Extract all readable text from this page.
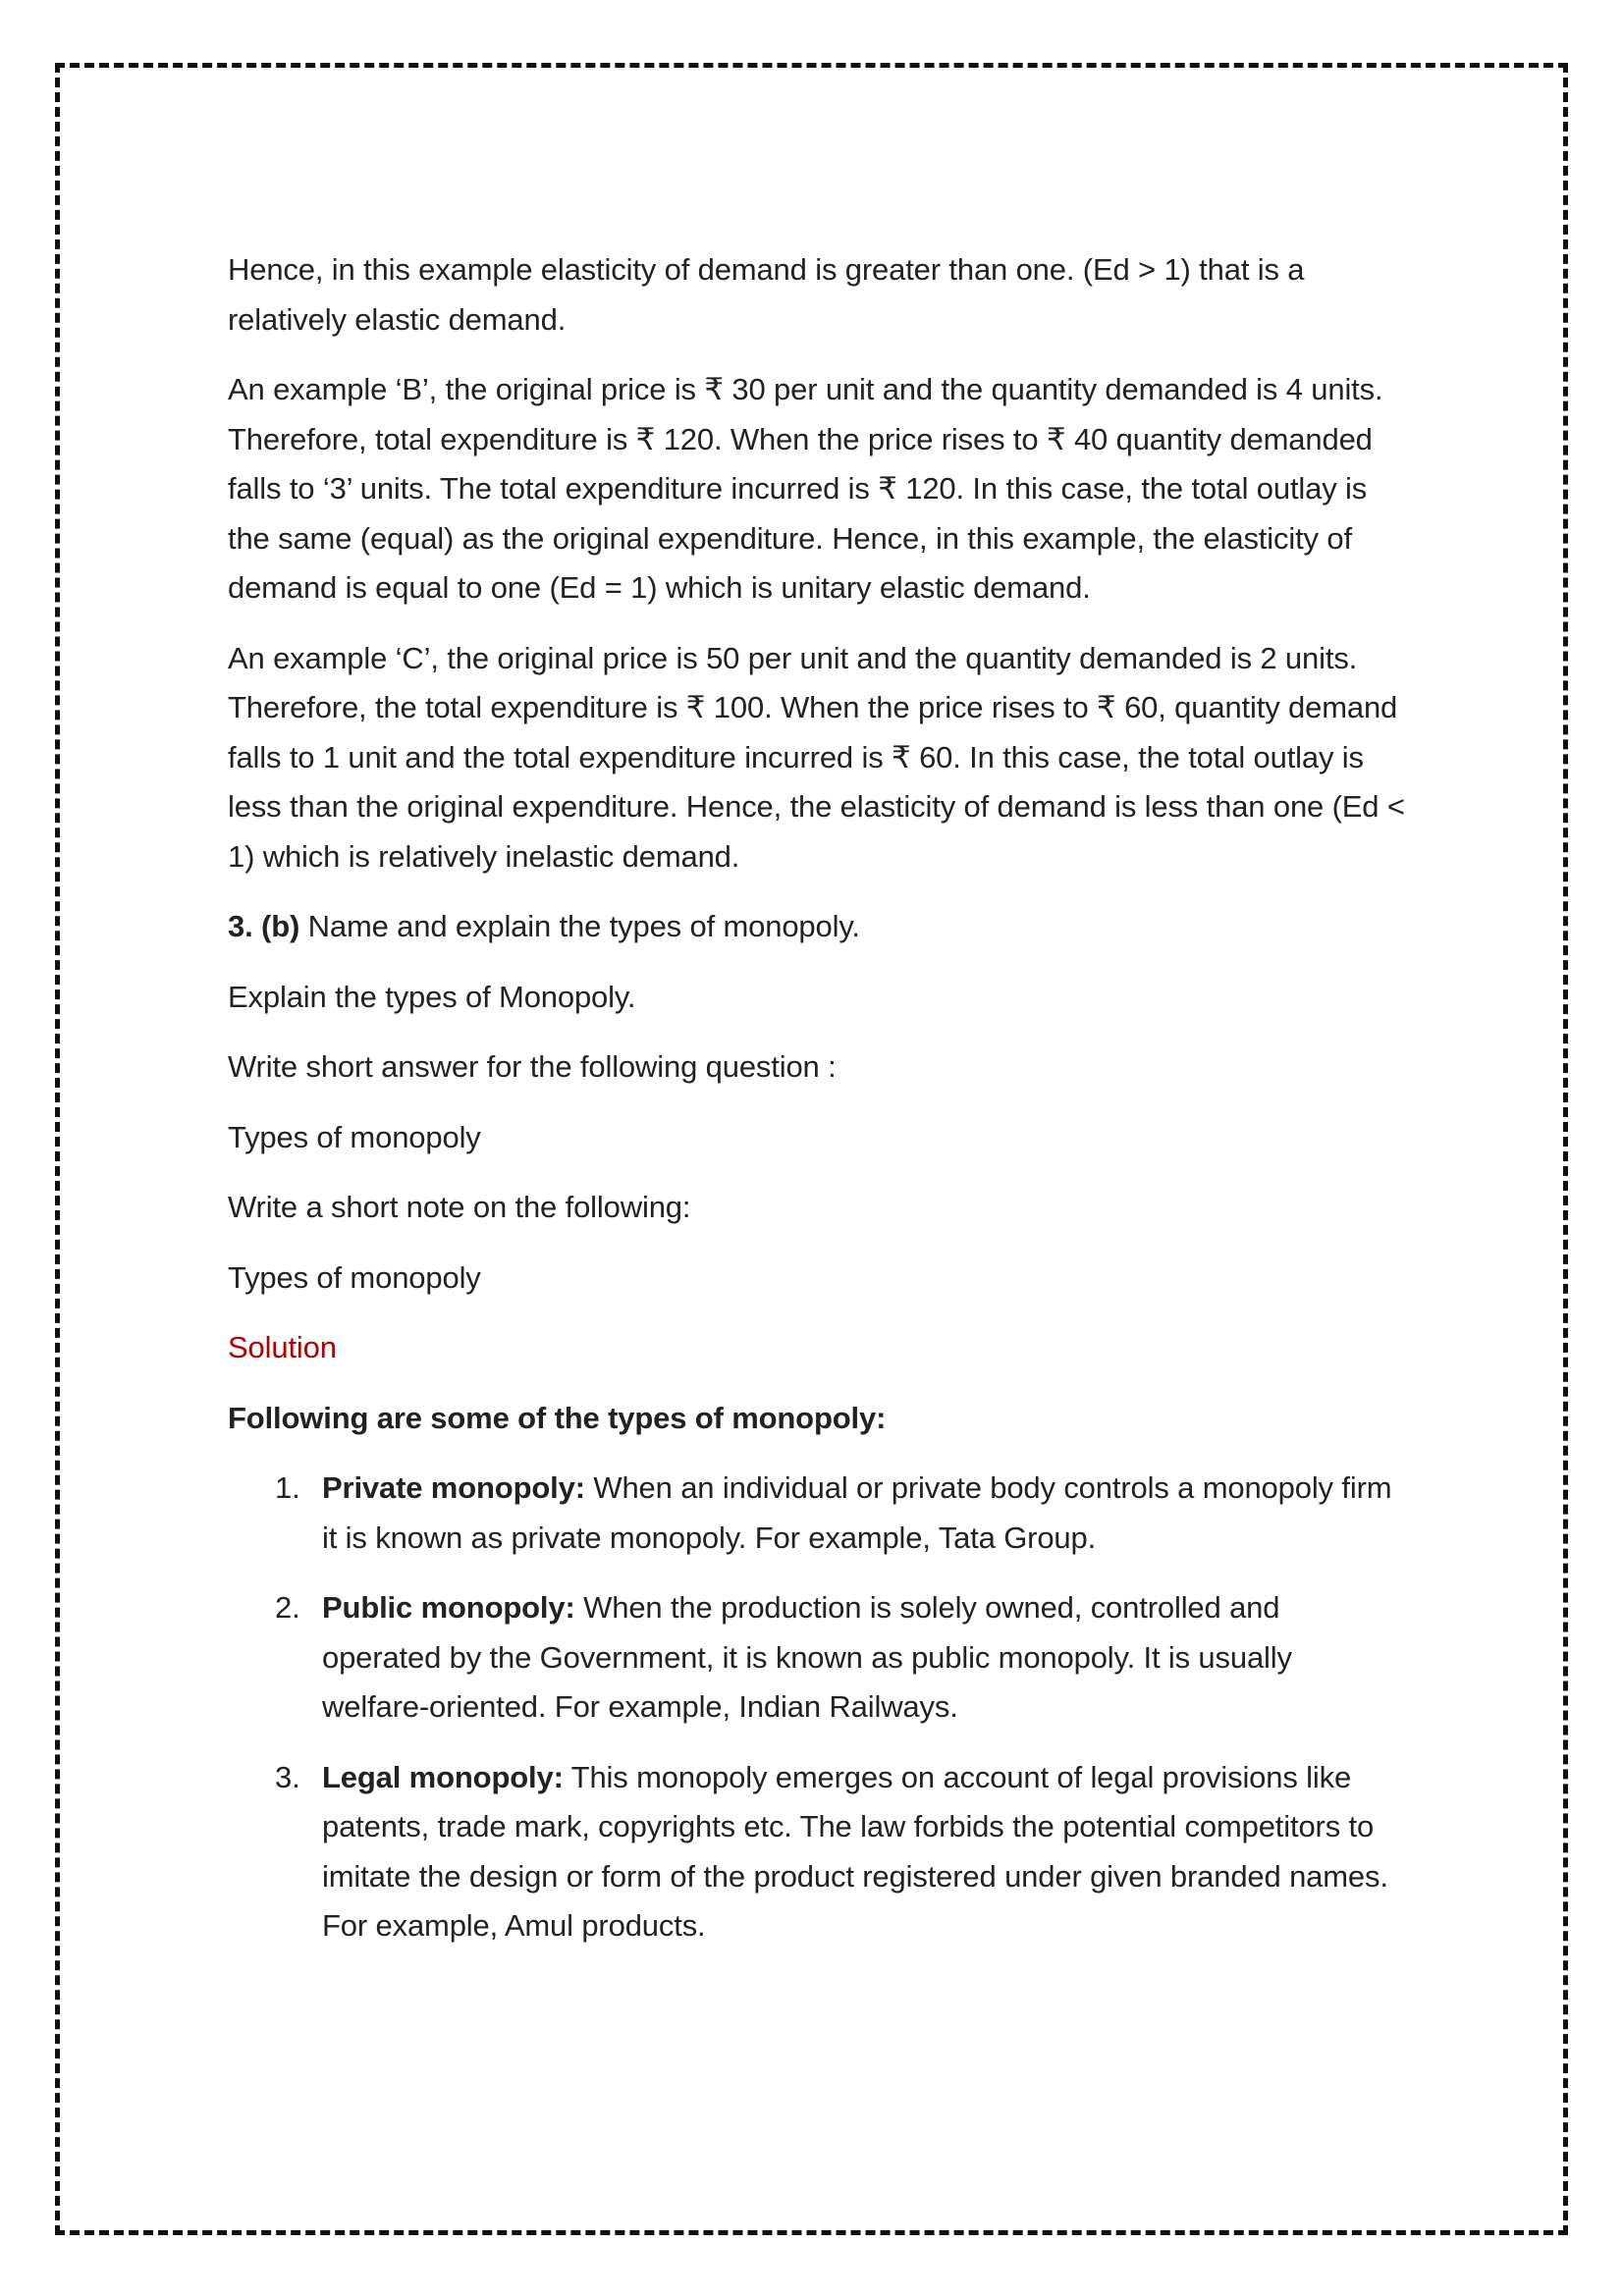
Hence, in this example elasticity of demand is greater than one. (Ed > 1) that is a relatively elastic demand.

An example ‘B’, the original price is ₹ 30 per unit and the quantity demanded is 4 units. Therefore, total expenditure is ₹ 120. When the price rises to ₹ 40 quantity demanded falls to ‘3’ units. The total expenditure incurred is ₹ 120. In this case, the total outlay is the same (equal) as the original expenditure. Hence, in this example, the elasticity of demand is equal to one (Ed = 1) which is unitary elastic demand.

An example ‘C’, the original price is 50 per unit and the quantity demanded is 2 units. Therefore, the total expenditure is ₹ 100. When the price rises to ₹ 60, quantity demand falls to 1 unit and the total expenditure incurred is ₹ 60. In this case, the total outlay is less than the original expenditure. Hence, the elasticity of demand is less than one (Ed < 1) which is relatively inelastic demand.

3. (b) Name and explain the types of monopoly.

Explain the types of Monopoly.

Write short answer for the following question :

Types of monopoly

Write a short note on the following:

Types of monopoly

Solution

Following are some of the types of monopoly:

1. Private monopoly: When an individual or private body controls a monopoly firm it is known as private monopoly. For example, Tata Group.
2. Public monopoly: When the production is solely owned, controlled and operated by the Government, it is known as public monopoly. It is usually welfare-oriented. For example, Indian Railways.
3. Legal monopoly: This monopoly emerges on account of legal provisions like patents, trade mark, copyrights etc. The law forbids the potential competitors to imitate the design or form of the product registered under given branded names. For example, Amul products.
